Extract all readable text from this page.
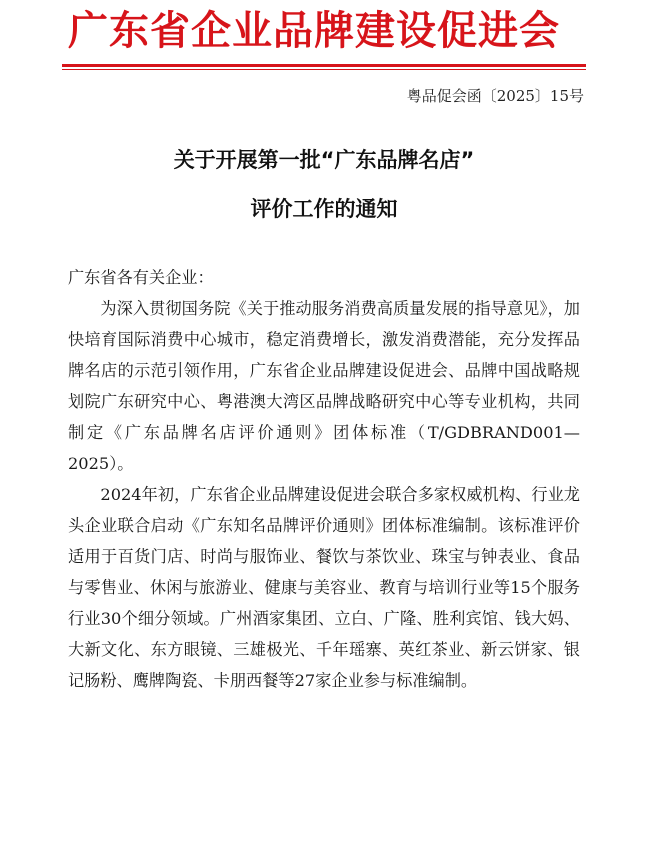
广东省企业品牌建设促进会
粤品促会函〔2025〕15号
关于开展第一批“广东品牌名店”
评价工作的通知

广东省各有关企业：

为深入贯彻国务院《关于推动服务消费高质量发展的指导意见》，加快培育国际消费中心城市，稳定消费增长，激发消费潜能，充分发挥品牌名店的示范引领作用，广东省企业品牌建设促进会、品牌中国战略规划院广东研究中心、粤港澳大湾区品牌战略研究中心等专业机构，共同制定《广东品牌名店评价通则》团体标准（T/GDBRAND001—2025）。

2024年初，广东省企业品牌建设促进会联合多家权威机构、行业龙头企业联合启动《广东知名品牌评价通则》团体标准编制。该标准评价适用于百货门店、时尚与服饰业、餐饮与茶饮业、珠宝与钟表业、食品与零售业、休闲与旅游业、健康与美容业、教育与培训行业等15个服务行业30个细分领域。广州酒家集团、立白、广隆、胜利宾馆、钱大妈、大新文化、东方眼镜、三雄极光、千年瑶寨、英红茶业、新云饼家、银记肠粉、鹰牌陶瓷、卡朋西餐等27家企业参与标准编制。
